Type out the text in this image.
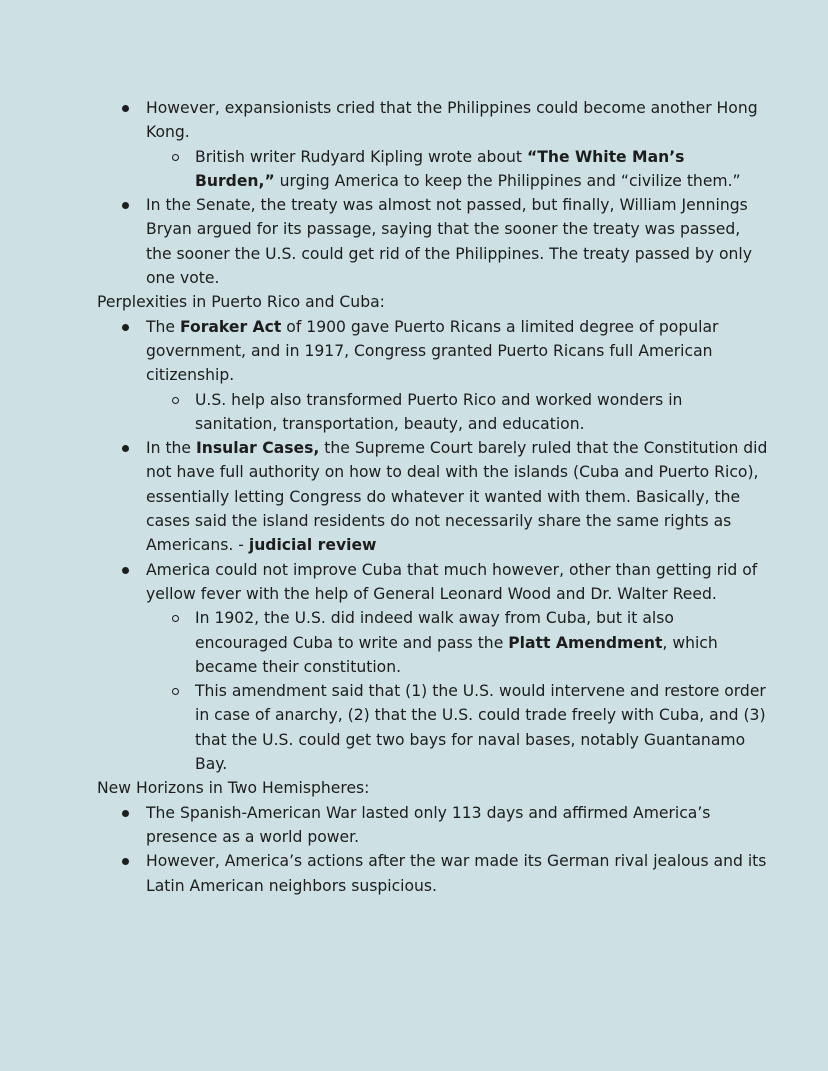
However, expansionists cried that the Philippines could become another Hong Kong.
British writer Rudyard Kipling wrote about “The White Man’s Burden,” urging America to keep the Philippines and “civilize them.”
In the Senate, the treaty was almost not passed, but finally, William Jennings Bryan argued for its passage, saying that the sooner the treaty was passed, the sooner the U.S. could get rid of the Philippines. The treaty passed by only one vote.

Perplexities in Puerto Rico and Cuba:

The Foraker Act of 1900 gave Puerto Ricans a limited degree of popular government, and in 1917, Congress granted Puerto Ricans full American citizenship.
U.S. help also transformed Puerto Rico and worked wonders in sanitation, transportation, beauty, and education.
In the Insular Cases, the Supreme Court barely ruled that the Constitution did not have full authority on how to deal with the islands (Cuba and Puerto Rico), essentially letting Congress do whatever it wanted with them. Basically, the cases said the island residents do not necessarily share the same rights as Americans. - judicial review
America could not improve Cuba that much however, other than getting rid of yellow fever with the help of General Leonard Wood and Dr. Walter Reed.
In 1902, the U.S. did indeed walk away from Cuba, but it also encouraged Cuba to write and pass the Platt Amendment, which became their constitution.
This amendment said that (1) the U.S. would intervene and restore order in case of anarchy, (2) that the U.S. could trade freely with Cuba, and (3) that the U.S. could get two bays for naval bases, notably Guantanamo Bay.

New Horizons in Two Hemispheres:

The Spanish-American War lasted only 113 days and affirmed America’s presence as a world power.
However, America’s actions after the war made its German rival jealous and its Latin American neighbors suspicious.
